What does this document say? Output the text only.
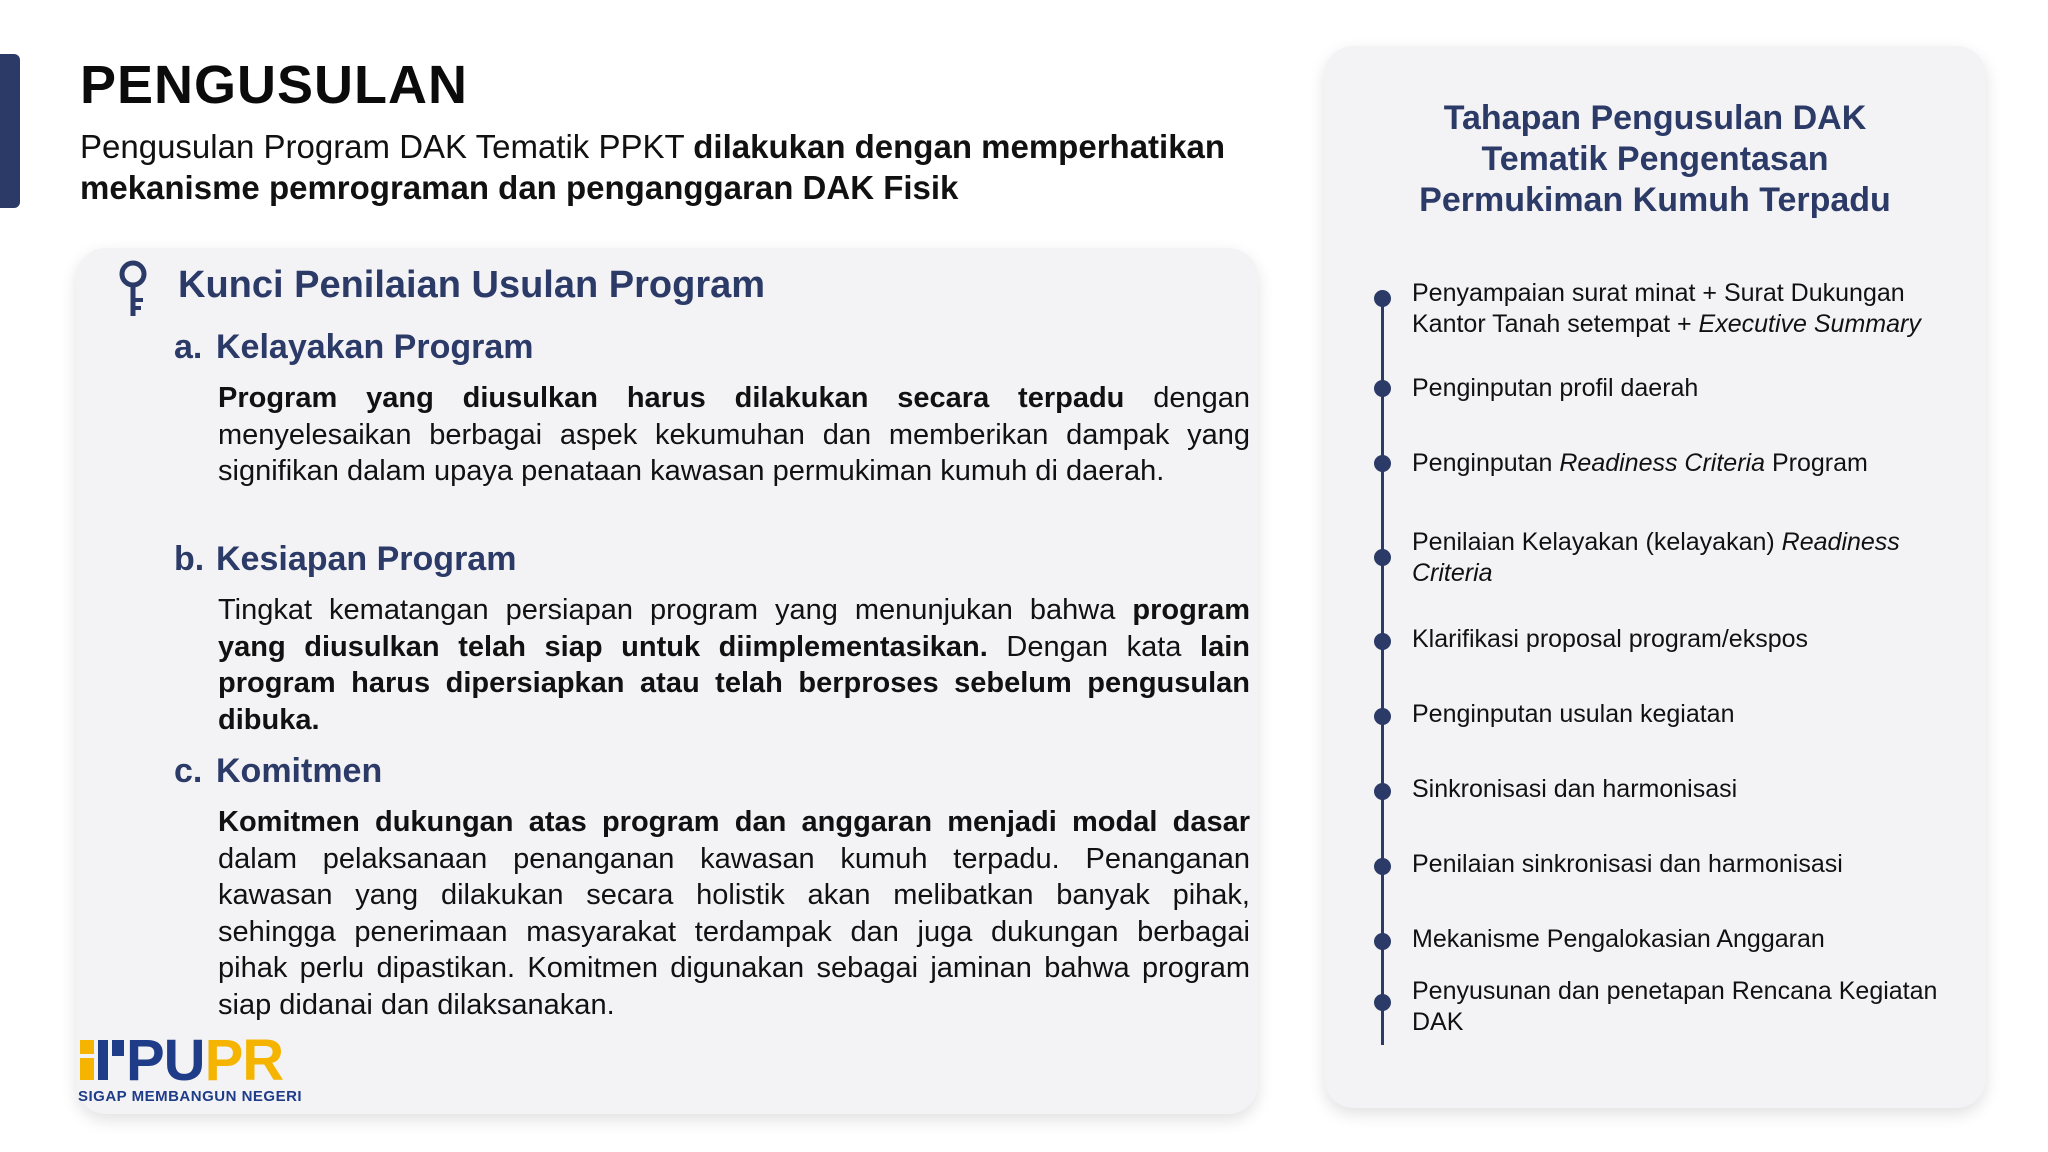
PENGUSULAN
Pengusulan Program DAK Tematik PPKT dilakukan dengan memperhatikan mekanisme pemrograman dan penganggaran DAK Fisik
Kunci Penilaian Usulan Program
a. Kelayakan Program
Program yang diusulkan harus dilakukan secara terpadu dengan menyelesaikan berbagai aspek kekumuhan dan memberikan dampak yang signifikan dalam upaya penataan kawasan permukiman kumuh di daerah.
b. Kesiapan Program
Tingkat kematangan persiapan program yang menunjukan bahwa program yang diusulkan telah siap untuk diimplementasikan. Dengan kata lain program harus dipersiapkan atau telah berproses sebelum pengusulan dibuka.
c. Komitmen
Komitmen dukungan atas program dan anggaran menjadi modal dasar dalam pelaksanaan penanganan kawasan kumuh terpadu. Penanganan kawasan yang dilakukan secara holistik akan melibatkan banyak pihak, sehingga penerimaan masyarakat terdampak dan juga dukungan berbagai pihak perlu dipastikan. Komitmen digunakan sebagai jaminan bahwa program siap didanai dan dilaksanakan.
Tahapan Pengusulan DAK Tematik Pengentasan Permukiman Kumuh Terpadu
Penyampaian surat minat + Surat Dukungan Kantor Tanah setempat + Executive Summary
Penginputan profil daerah
Penginputan Readiness Criteria Program
Penilaian Kelayakan (kelayakan) Readiness Criteria
Klarifikasi proposal program/ekspos
Penginputan usulan kegiatan
Sinkronisasi dan harmonisasi
Penilaian sinkronisasi dan harmonisasi
Mekanisme Pengalokasian Anggaran
Penyusunan dan penetapan Rencana Kegiatan DAK
PUPR
SIGAP MEMBANGUN NEGERI
